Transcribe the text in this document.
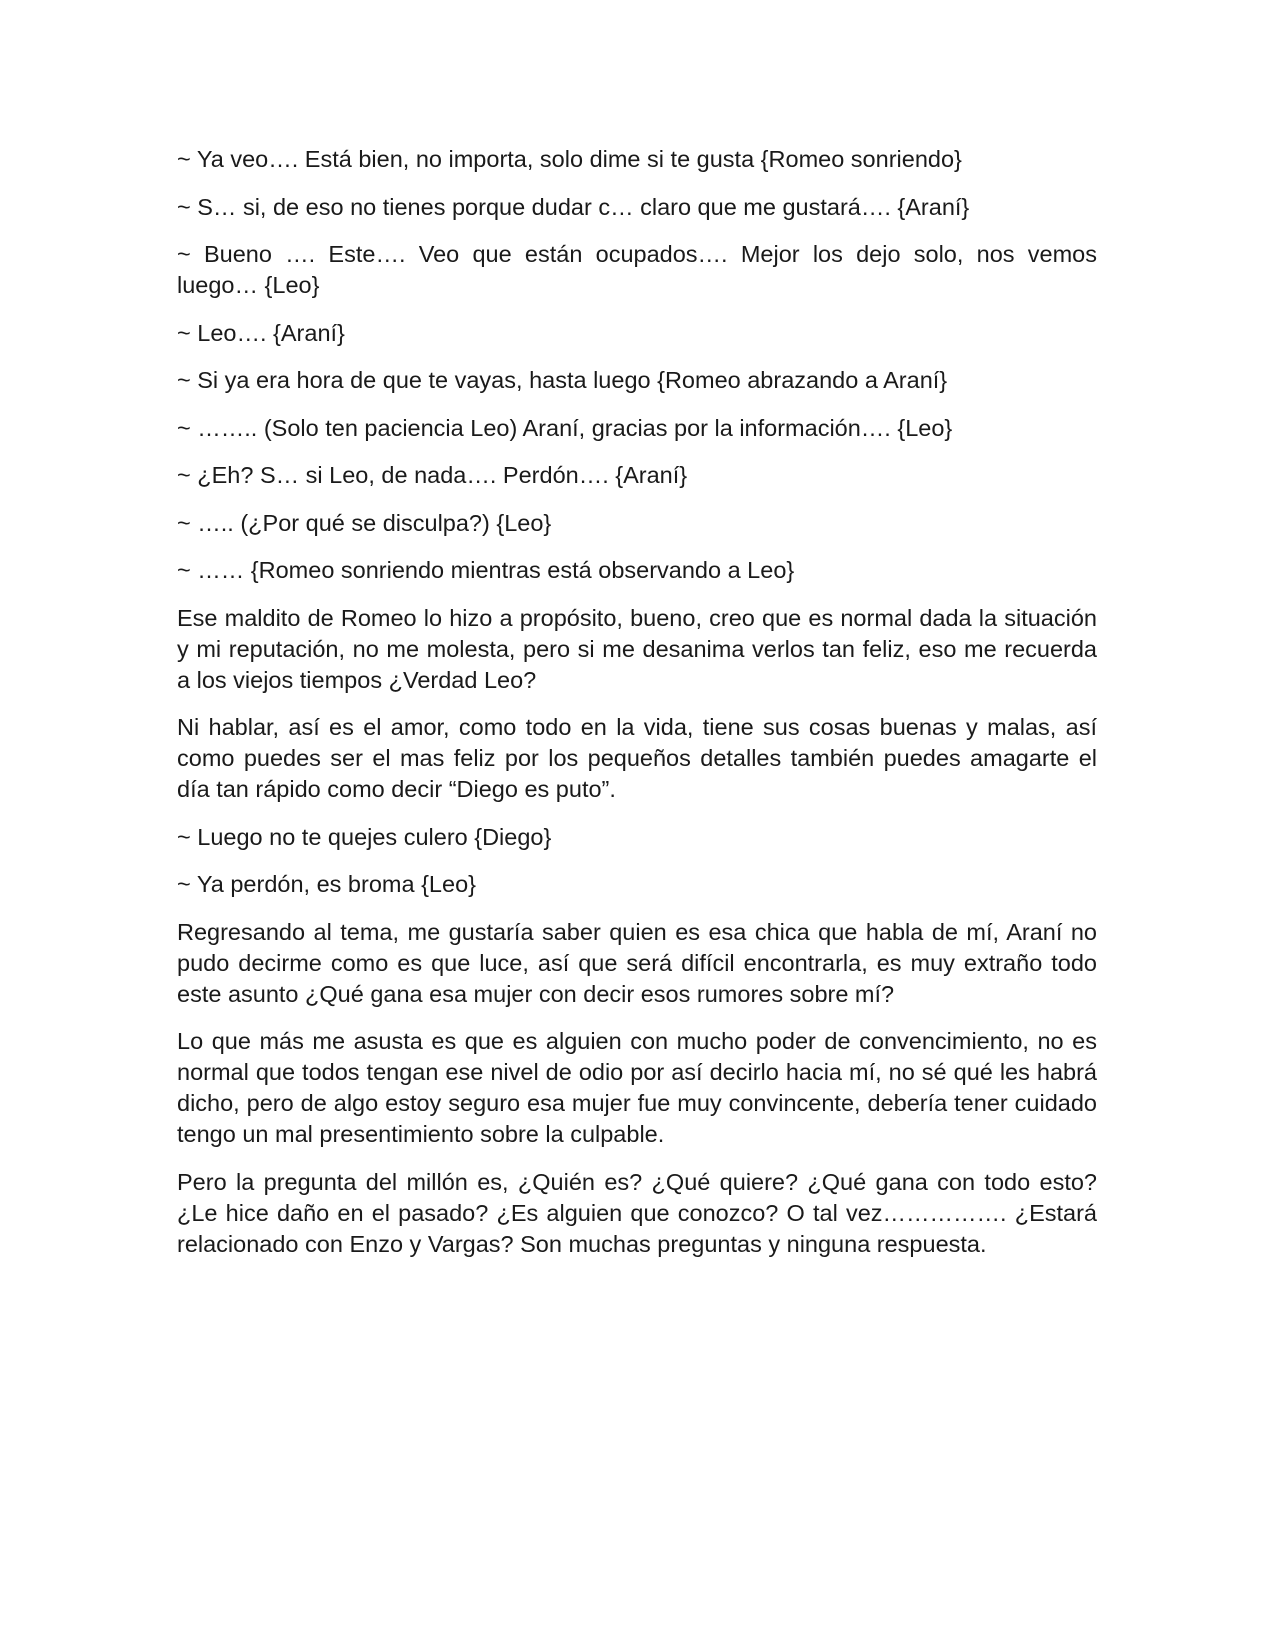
~ Ya veo…. Está bien, no importa, solo dime si te gusta {Romeo sonriendo}

~ S… si, de eso no tienes porque dudar c… claro que me gustará…. {Araní}

~ Bueno …. Este…. Veo que están ocupados…. Mejor los dejo solo, nos vemos luego… {Leo}

~ Leo…. {Araní}

~ Si ya era hora de que te vayas, hasta luego {Romeo abrazando a Araní}

~ …….. (Solo ten paciencia Leo) Araní, gracias por la información…. {Leo}

~ ¿Eh? S… si Leo, de nada…. Perdón…. {Araní}

~ ….. (¿Por qué se disculpa?) {Leo}

~ …… {Romeo sonriendo mientras está observando a Leo}

Ese maldito de Romeo lo hizo a propósito, bueno, creo que es normal dada la situación y mi reputación, no me molesta, pero si me desanima verlos tan feliz, eso me recuerda a los viejos tiempos ¿Verdad Leo?

Ni hablar, así es el amor, como todo en la vida, tiene sus cosas buenas y malas, así como puedes ser el mas feliz por los pequeños detalles también puedes amagarte el día tan rápido como decir “Diego es puto”.

~ Luego no te quejes culero {Diego}

~ Ya perdón, es broma {Leo}

Regresando al tema, me gustaría saber quien es esa chica que habla de mí, Araní no pudo decirme como es que luce, así que será difícil encontrarla, es muy extraño todo este asunto ¿Qué gana esa mujer con decir esos rumores sobre mí?

Lo que más me asusta es que es alguien con mucho poder de convencimiento, no es normal que todos tengan ese nivel de odio por así decirlo hacia mí, no sé qué les habrá dicho, pero de algo estoy seguro esa mujer fue muy convincente, debería tener cuidado tengo un mal presentimiento sobre la culpable.

Pero la pregunta del millón es, ¿Quién es? ¿Qué quiere? ¿Qué gana con todo esto? ¿Le hice daño en el pasado? ¿Es alguien que conozco? O tal vez……………. ¿Estará relacionado con Enzo y Vargas? Son muchas preguntas y ninguna respuesta.
